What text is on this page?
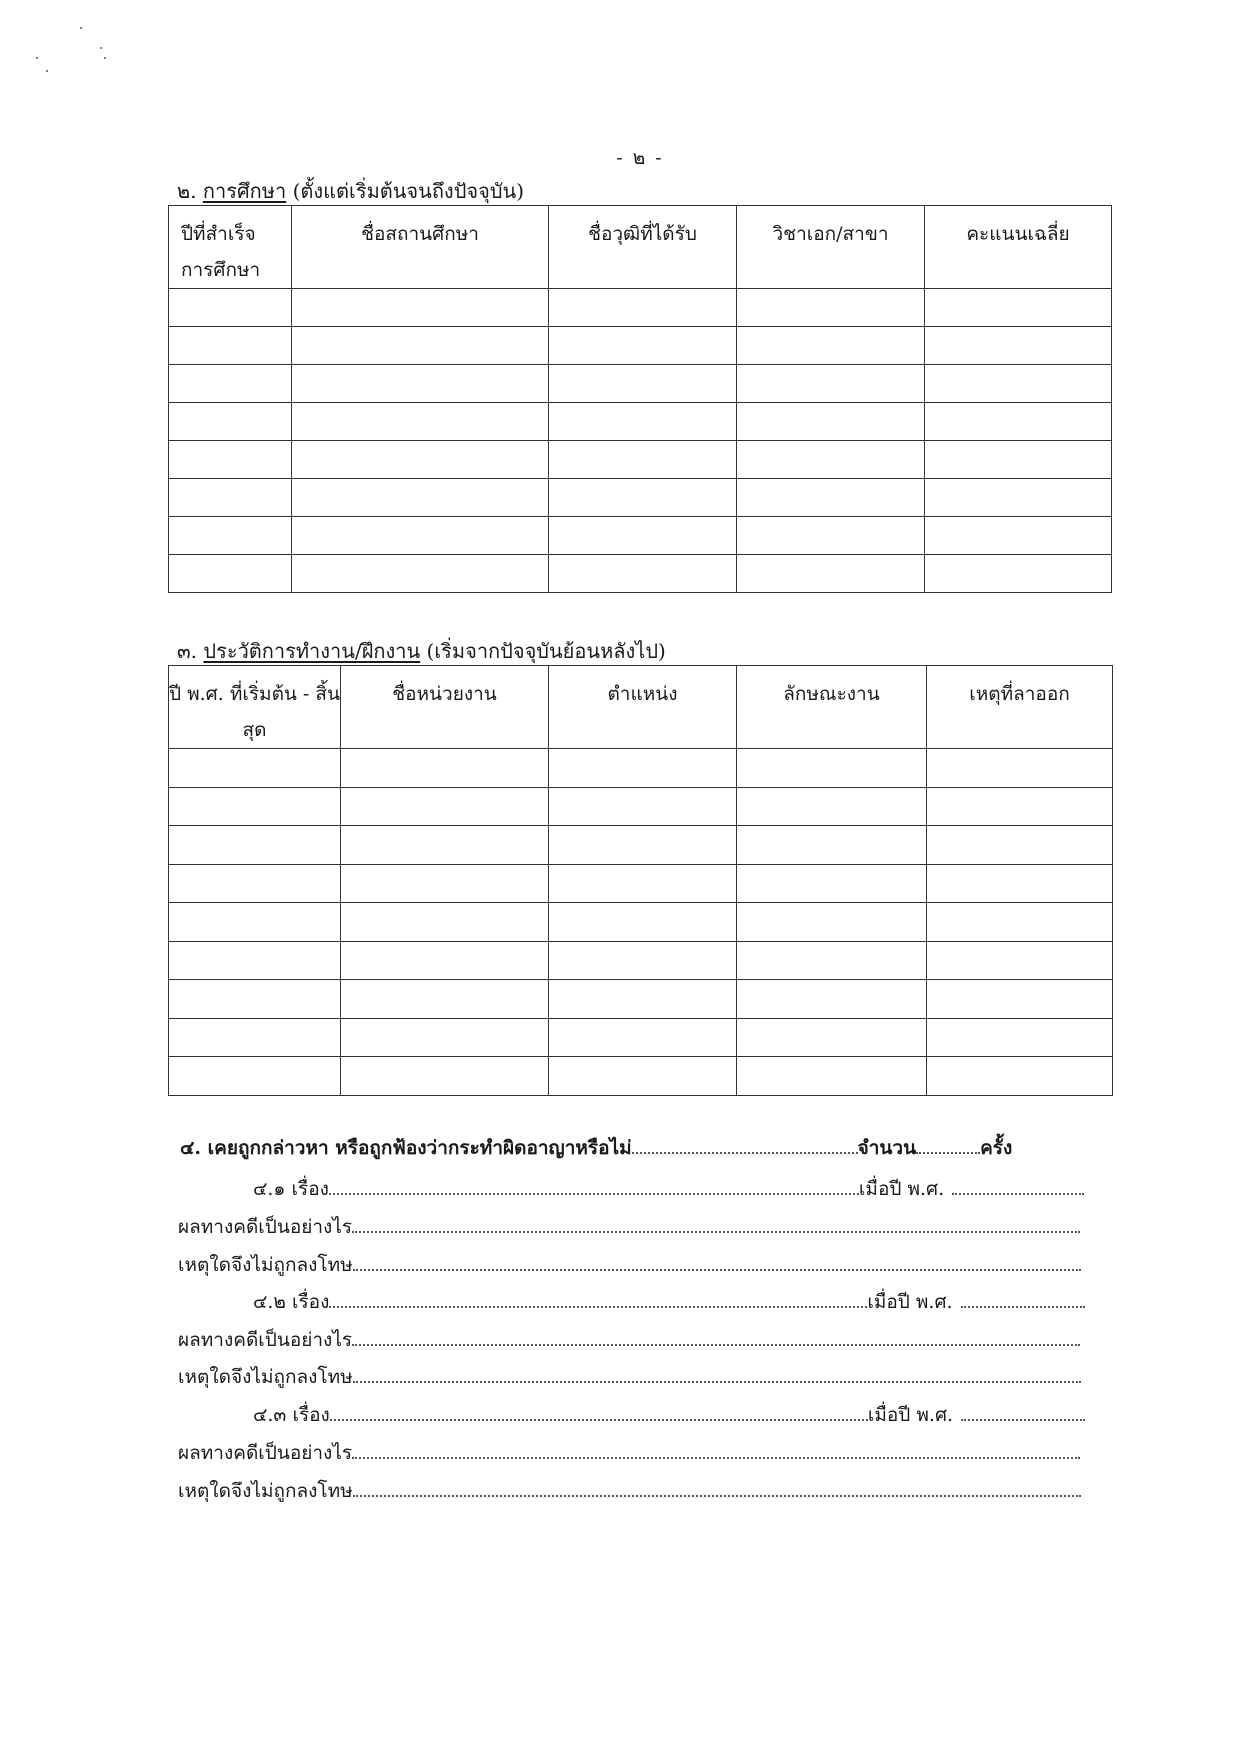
- ๒ -
๒. การศึกษา (ตั้งแต่เริ่มต้นจนถึงปัจจุบัน)
ปีที่สำเร็จ การศึกษา	ชื่อสถานศึกษา	ชื่อวุฒิที่ได้รับ	วิชาเอก/สาขา	คะแนนเฉลี่ย

๓. ประวัติการทำงาน/ฝึกงาน (เริ่มจากปัจจุบันย้อนหลังไป)
ปี พ.ศ. ที่เริ่มต้น - สิ้นสุด	ชื่อหน่วยงาน	ตำแหน่ง	ลักษณะงาน	เหตุที่ลาออก

๔. เคยถูกกล่าวหา หรือถูกฟ้องว่ากระทำผิดอาญาหรือไม่	จำนวน	ครั้ง
๔.๑ เรื่อง	เมื่อปี พ.ศ.
ผลทางคดีเป็นอย่างไร
เหตุใดจึงไม่ถูกลงโทษ
๔.๒ เรื่อง	เมื่อปี พ.ศ.
ผลทางคดีเป็นอย่างไร
เหตุใดจึงไม่ถูกลงโทษ
๔.๓ เรื่อง	เมื่อปี พ.ศ.
ผลทางคดีเป็นอย่างไร
เหตุใดจึงไม่ถูกลงโทษ
